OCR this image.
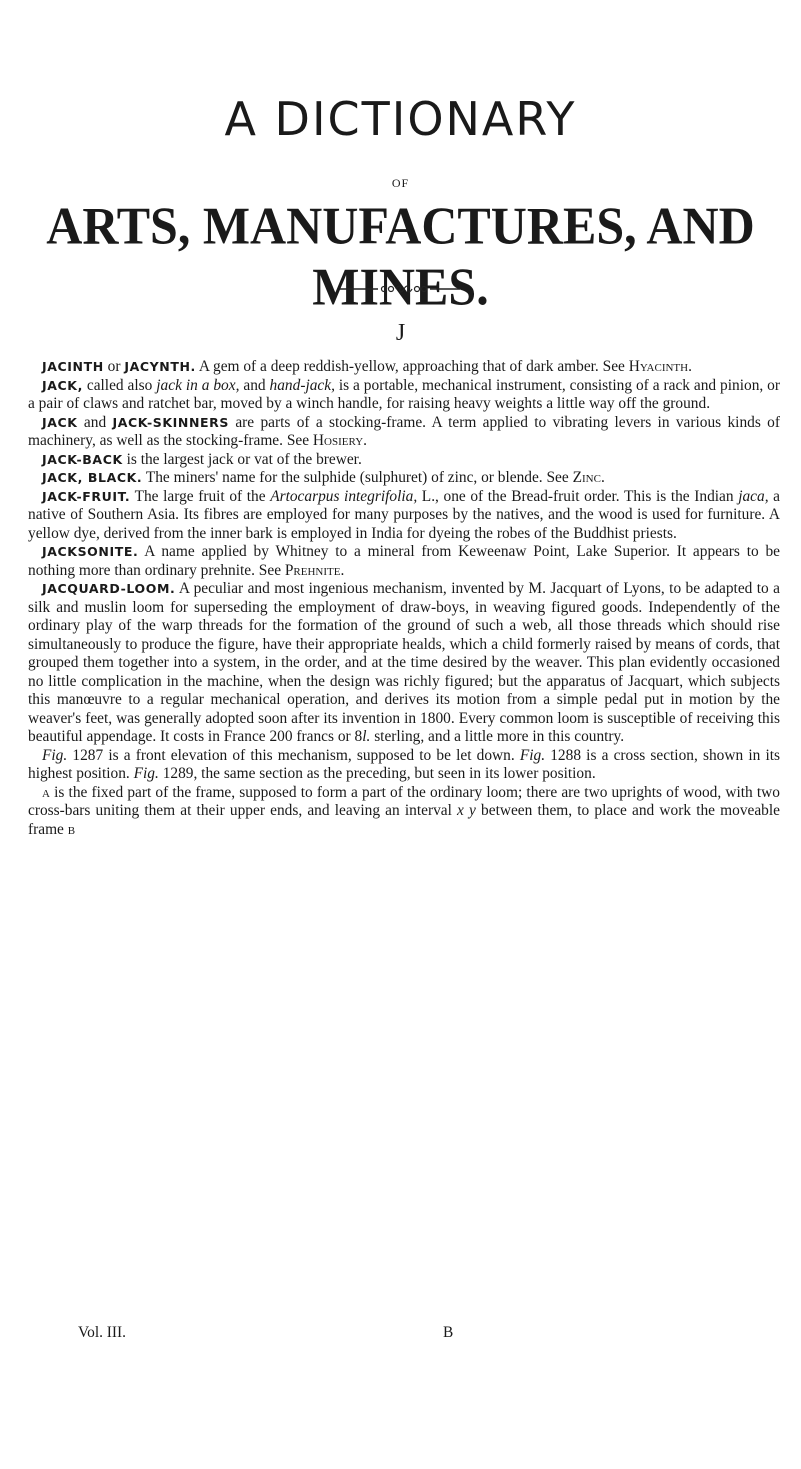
A DICTIONARY
OF
ARTS, MANUFACTURES, AND MINES.
J

JACINTH or JACYNTH. A gem of a deep reddish-yellow, approaching that of dark amber. See Hyacinth.

JACK, called also jack in a box, and hand-jack, is a portable, mechanical instrument, consisting of a rack and pinion, or a pair of claws and ratchet bar, moved by a winch handle, for raising heavy weights a little way off the ground.

JACK and JACK-SKINNERS are parts of a stocking-frame. A term applied to vibrating levers in various kinds of machinery, as well as the stocking-frame. See Hosiery.

JACK-BACK is the largest jack or vat of the brewer.

JACK, BLACK. The miners' name for the sulphide (sulphuret) of zinc, or blende. See Zinc.

JACK-FRUIT. The large fruit of the Artocarpus integrifolia, L., one of the Bread-fruit order. This is the Indian jaca, a native of Southern Asia. Its fibres are employed for many purposes by the natives, and the wood is used for furniture. A yellow dye, derived from the inner bark is employed in India for dyeing the robes of the Buddhist priests.

JACKSONITE. A name applied by Whitney to a mineral from Keweenaw Point, Lake Superior. It appears to be nothing more than ordinary prehnite. See Prehnite.

JACQUARD-LOOM. A peculiar and most ingenious mechanism, invented by M. Jacquart of Lyons, to be adapted to a silk and muslin loom for superseding the employment of draw-boys, in weaving figured goods. Independently of the ordinary play of the warp threads for the formation of the ground of such a web, all those threads which should rise simultaneously to produce the figure, have their appropriate healds, which a child formerly raised by means of cords, that grouped them together into a system, in the order, and at the time desired by the weaver. This plan evidently occasioned no little complication in the machine, when the design was richly figured; but the apparatus of Jacquart, which subjects this manœuvre to a regular mechanical operation, and derives its motion from a simple pedal put in motion by the weaver's feet, was generally adopted soon after its invention in 1800. Every common loom is susceptible of receiving this beautiful appendage. It costs in France 200 francs or 8l. sterling, and a little more in this country.

Fig. 1287 is a front elevation of this mechanism, supposed to be let down. Fig. 1288 is a cross section, shown in its highest position. Fig. 1289, the same section as the preceding, but seen in its lower position.

a is the fixed part of the frame, supposed to form a part of the ordinary loom; there are two uprights of wood, with two cross-bars uniting them at their upper ends, and leaving an interval x y between them, to place and work the moveable frame b

Vol. III.	B
